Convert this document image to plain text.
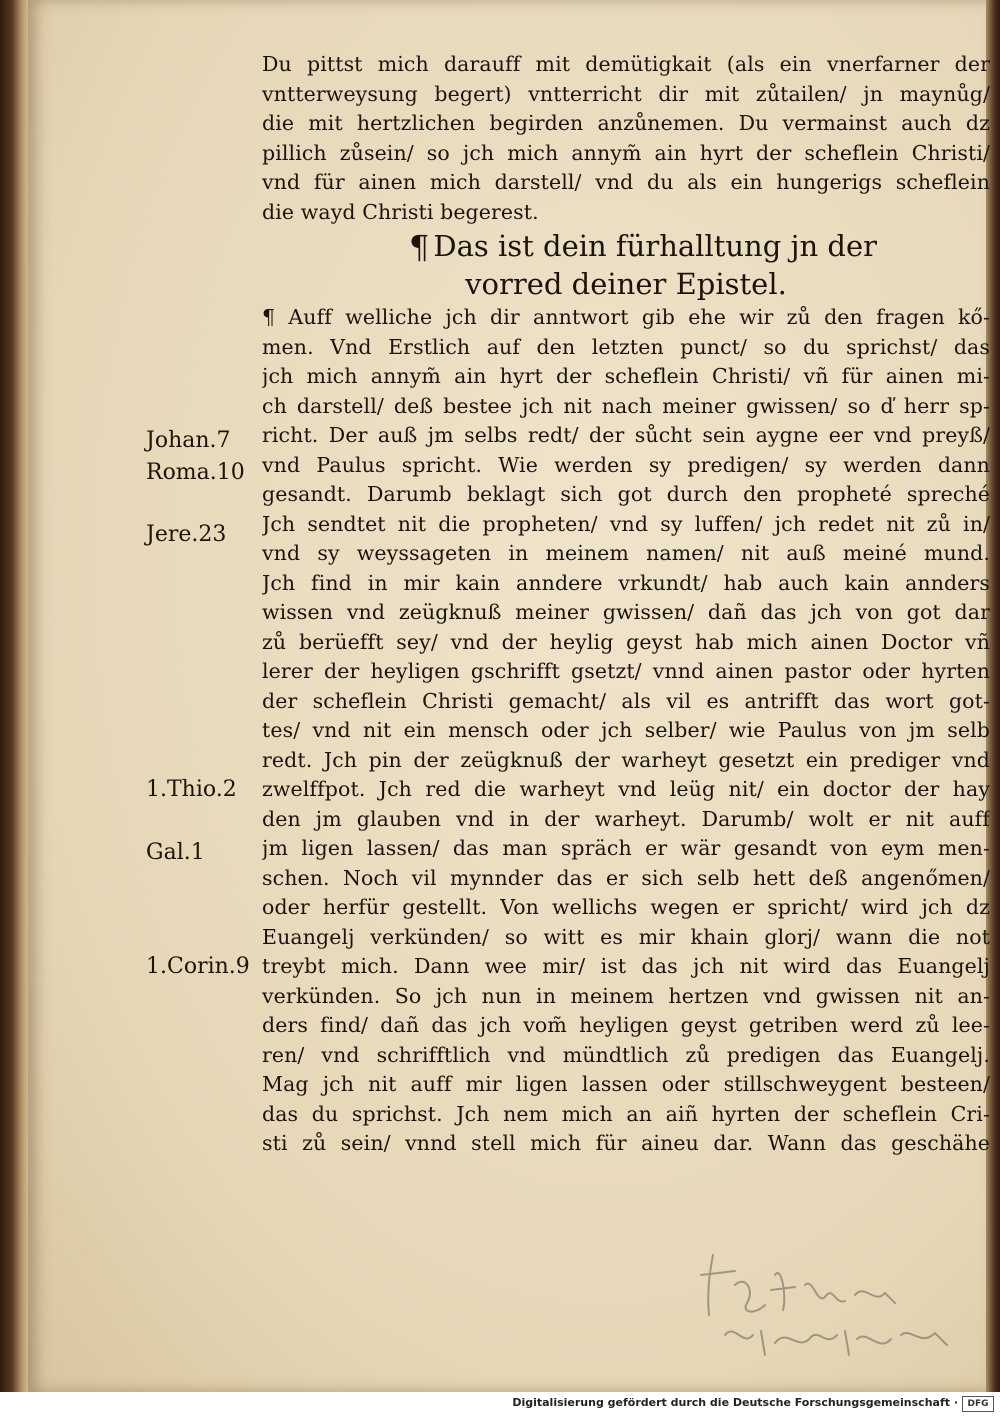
Du pittst mich darauff mit demütigkait (als ein vnerfarner der
vntterweysung begert) vntterricht dir mit zůtailen/ jn maynůg/
die mit hertzlichen begirden anzůnemen. Du vermainst auch dz
pillich zůsein/ so jch mich annym̃ ain hyrt der scheflein Christi/
vnd für ainen mich darstell/ vnd du als ein hungerigs scheflein
die wayd Christi begerest.
¶ Das ist dein fürhalltung jn der
vorred deiner Epistel.
¶ Auff welliche jch dir anntwort gib ehe wir zů den fragen kő-
men. Vnd Erstlich auf den letzten punct/ so du sprichst/ das
jch mich annym̃ ain hyrt der scheflein Christi/ vñ für ainen mi-
ch darstell/ deß bestee jch nit nach meiner gwissen/ so ď herr sp-
richt. Der auß jm selbs redt/ der sůcht sein aygne eer vnd preyß/
vnd Paulus spricht. Wie werden sy predigen/ sy werden dann
gesandt. Darumb beklagt sich got durch den propheté spreché
Jch sendtet nit die propheten/ vnd sy luffen/ jch redet nit zů in/
vnd sy weyssageten in meinem namen/ nit auß meiné mund.
Jch find in mir kain anndere vrkundt/ hab auch kain annders
wissen vnd zeügknuß meiner gwissen/ dañ das jch von got dar
zů berüefft sey/ vnd der heylig geyst hab mich ainen Doctor vñ
lerer der heyligen gschrifft gsetzt/ vnnd ainen pastor oder hyrten
der scheflein Christi gemacht/ als vil es antrifft das wort got-
tes/ vnd nit ein mensch oder jch selber/ wie Paulus von jm selb
redt. Jch pin der zeügknuß der warheyt gesetzt ein prediger vnd
zwelffpot. Jch red die warheyt vnd leüg nit/ ein doctor der hay
den jm glauben vnd in der warheyt. Darumb/ wolt er nit auff
jm ligen lassen/ das man spräch er wär gesandt von eym men-
schen. Noch vil mynnder das er sich selb hett deß angenőmen/
oder herfür gestellt. Von wellichs wegen er spricht/ wird jch dz
Euangelj verkünden/ so witt es mir khain glorj/ wann die not
treybt mich. Dann wee mir/ ist das jch nit wird das Euangelj
verkünden. So jch nun in meinem hertzen vnd gwissen nit an-
ders find/ dañ das jch vom̃ heyligen geyst getriben werd zů lee-
ren/ vnd schrifftlich vnd mündtlich zů predigen das Euangelj.
Mag jch nit auff mir ligen lassen oder stillschweygent besteen/
das du sprichst. Jch nem mich an aiñ hyrten der scheflein Cri-
sti zů sein/ vnnd stell mich für aineu dar. Wann das geschähe
Johan.7
Roma.10
Jere.23
1.Thio.2
Gal.1
1.Corin.9
Digitalisierung gefördert durch die Deutsche Forschungsgemeinschaft ·	DFG
